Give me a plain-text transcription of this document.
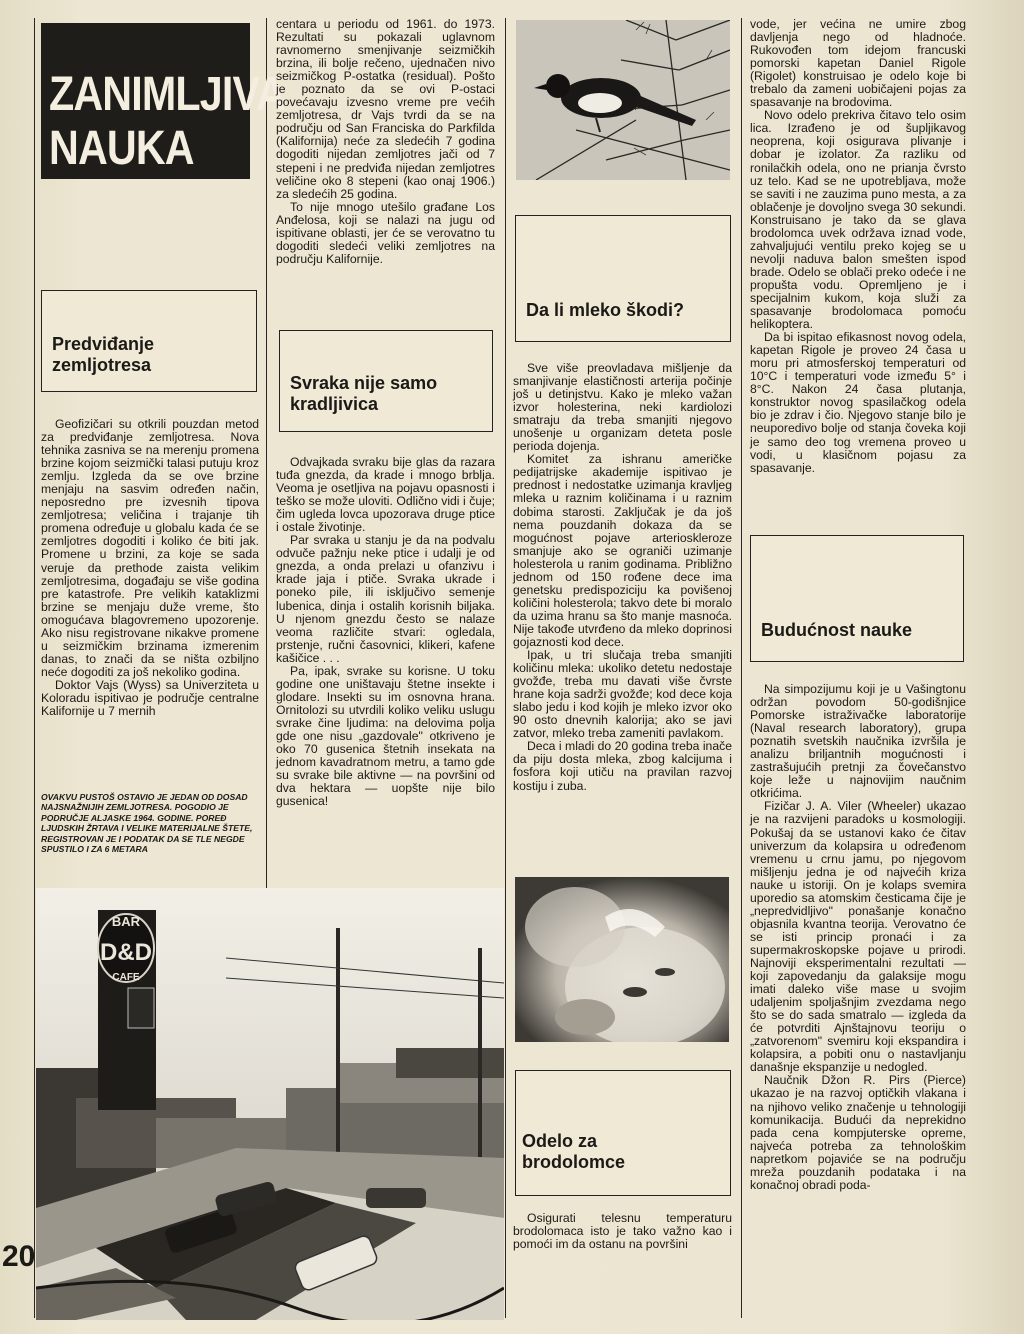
ZANIMLJIVA
NAUKA
Predviđanje zemljotresa

Geofizičari su otkrili pouzdan metod za predviđanje zemljotresa. Nova tehnika zasniva se na merenju promena brzine kojom seizmički talasi putuju kroz zemlju. Izgleda da se ove brzine menjaju na sasvim određen način, neposredno pre izvesnih tipova zemljotresa; veličina i trajanje tih promena određuje u globalu kada će se zemljotres dogoditi i koliko će biti jak. Promene u brzini, za koje se sada veruje da prethode zaista velikim zemljotresima, događaju se više godina pre katastrofe. Pre velikih kataklizmi brzine se menjaju duže vreme, što omogućava blagovremeno upozorenje. Ako nisu registrovane nikakve promene u seizmičkim brzinama izmerenim danas, to znači da se ništa ozbiljno neće dogoditi za još nekoliko godina.

Doktor Vajs (Wyss) sa Univerziteta u Koloradu ispitivao je područje centralne Kalifornije u 7 mernih

OVAKVU PUSTOŠ OSTAVIO JE JEDAN OD DOSAD NAJSNAŽNIJIH ZEMLJOTRESA. POGODIO JE PODRUČJE ALJASKE 1964. GODINE. POREĐ LJUDSKIH ŽRTAVA I VELIKE MATERIJALNE ŠTETE, REGISTROVAN JE I PODATAK DA SE TLE NEGDE SPUSTILO I ZA 6 METARA
BAR
D&D
CAFE

centara u periodu od 1961. do 1973. Rezultati su pokazali uglavnom ravnomerno smenjivanje seizmičkih brzina, ili bolje rečeno, ujednačen nivo seizmičkog P-ostatka (residual). Pošto je poznato da se ovi P-ostaci povećavaju izvesno vreme pre većih zemljotresa, dr Vajs tvrdi da se na području od San Franciska do Parkfilda (Kalifornija) neće za sledećih 7 godina dogoditi nijedan zemljotres jači od 7 stepeni i ne predviđa nijedan zemljotres veličine oko 8 stepeni (kao onaj 1906.) za sledećih 25 godina.

To nije mnogo utešilo građane Los Anđelosa, koji se nalazi na jugu od ispitivane oblasti, jer će se verovatno tu dogoditi sledeći veliki zemljotres na području Kalifornije.

Svraka nije samo kradljivica

Odvajkada svraku bije glas da razara tuđa gnezda, da krade i mnogo brblja. Veoma je osetljiva na pojavu opasnosti i teško se može uloviti. Odlično vidi i čuje; čim ugleda lovca upozorava druge ptice i ostale životinje.

Par svraka u stanju je da na podvalu odvuče pažnju neke ptice i udalji je od gnezda, a onda prelazi u ofanzivu i krade jaja i ptiče. Svraka ukrade i poneko pile, ili isključivo semenje lubenica, dinja i ostalih korisnih biljaka. U njenom gnezdu često se nalaze veoma različite stvari: ogledala, prstenje, ručni časovnici, klikeri, kafene kašičice . . .

Pa, ipak, svrake su korisne. U toku godine one uništavaju štetne insekte i glodare. Insekti su im osnovna hrana. Ornitolozi su utvrdili koliko veliku uslugu svrake čine ljudima: na delovima polja gde one nisu „gazdovale" otkriveno je oko 70 gusenica štetnih insekata na jednom kavadratnom metru, a tamo gde su svrake bile aktivne — na površini od dva hektara — uopšte nije bilo gusenica!

Da li mleko škodi?

Sve više preovladava mišljenje da smanjivanje elastičnosti arterija počinje još u detinjstvu. Kako je mleko važan izvor holesterina, neki kardiolozi smatraju da treba smanjiti njegovo unošenje u organizam deteta posle perioda dojenja.

Komitet za ishranu američke pedijatrijske akademije ispitivao je prednost i nedostatke uzimanja kravljeg mleka u raznim količinama i u raznim dobima starosti. Zaključak je da još nema pouzdanih dokaza da se mogućnost pojave arterioskleroze smanjuje ako se ograniči uzimanje holesterola u ranim godinama. Približno jednom od 150 rođene dece ima genetsku predispoziciju ka povišenoj količini holesterola; takvo dete bi moralo da uzima hranu sa što manje masnoća. Nije takođe utvrđeno da mleko doprinosi gojaznosti kod dece.

Ipak, u tri slučaja treba smanjiti količinu mleka: ukoliko detetu nedostaje gvožđe, treba mu davati više čvrste hrane koja sadrži gvožđe; kod dece koja slabo jedu i kod kojih je mleko izvor oko 90 osto dnevnih kalorija; ako se javi zatvor, mleko treba zameniti pavlakom.

Deca i mladi do 20 godina treba inače da piju dosta mleka, zbog kalcijuma i fosfora koji utiču na pravilan razvoj kostiju i zuba.

Odelo za brodolomce

Osigurati telesnu temperaturu brodolomaca isto je tako važno kao i pomoći im da ostanu na površini

vode, jer većina ne umire zbog davljenja nego od hladnoće. Rukovođen tom idejom francuski pomorski kapetan Daniel Rigole (Rigolet) konstruisao je odelo koje bi trebalo da zameni uobičajeni pojas za spasavanje na brodovima.

Novo odelo prekriva čitavo telo osim lica. Izrađeno je od šupljikavog neoprena, koji osigurava plivanje i dobar je izolator. Za razliku od ronilačkih odela, ono ne prianja čvrsto uz telo. Kad se ne upotrebljava, može se saviti i ne zauzima puno mesta, a za oblačenje je dovoljno svega 30 sekundi. Konstruisano je tako da se glava brodolomca uvek održava iznad vode, zahvaljujući ventilu preko kojeg se u nevolji naduva balon smešten ispod brade. Odelo se oblači preko odeće i ne propušta vodu. Opremljeno je i specijalnim kukom, koja služi za spasavanje brodolomaca pomoću helikoptera.

Da bi ispitao efikasnost novog odela, kapetan Rigole je proveo 24 časa u moru pri atmosferskoj temperaturi od 10°C i temperaturi vode između 5° i 8°C. Nakon 24 časa plutanja, konstruktor novog spasilačkog odela bio je zdrav i čio. Njegovo stanje bilo je neuporedivo bolje od stanja čoveka koji je samo deo tog vremena proveo u vodi, u klasičnom pojasu za spasavanje.

Budućnost nauke

Na simpozijumu koji je u Vašingtonu održan povodom 50-godišnjice Pomorske istraživačke laboratorije (Naval research laboratory), grupa poznatih svetskih naučnika izvršila je analizu briljantnih mogućnosti i zastrašujućih pretnji za čovečanstvo koje leže u najnovijim naučnim otkrićima.

Fizičar J. A. Viler (Wheeler) ukazao je na razvijeni paradoks u kosmologiji. Pokušaj da se ustanovi kako će čitav univerzum da kolapsira u određenom vremenu u crnu jamu, po njegovom mišljenju jedna je od najvećih kriza nauke u istoriji. On je kolaps svemira uporedio sa atomskim česticama čije je „nepredvidljivo" ponašanje konačno objasnila kvantna teorija. Verovatno će se isti princip pronaći i za supermakroskopske pojave u prirodi. Najnoviji eksperimentalni rezultati — koji zapovedanju da galaksije mogu imati daleko više mase u svojim udaljenim spoljašnjim zvezdama nego što se do sada smatralo — izgleda da će potvrditi Ajnštajnovu teoriju o „zatvorenom" svemiru koji ekspandira i kolapsira, a pobiti onu o nastavljanju današnje ekspanzije u nedogled.

Naučnik Džon R. Pirs (Pierce) ukazao je na razvoj optičkih vlakana i na njihovo veliko značenje u tehnologiji komunikacija. Budući da neprekidno pada cena kompjuterske opreme, najveća potreba za tehnološkim napretkom pojaviće se na području mreža pouzdanih podataka i na konačnoj obradi poda-

20
